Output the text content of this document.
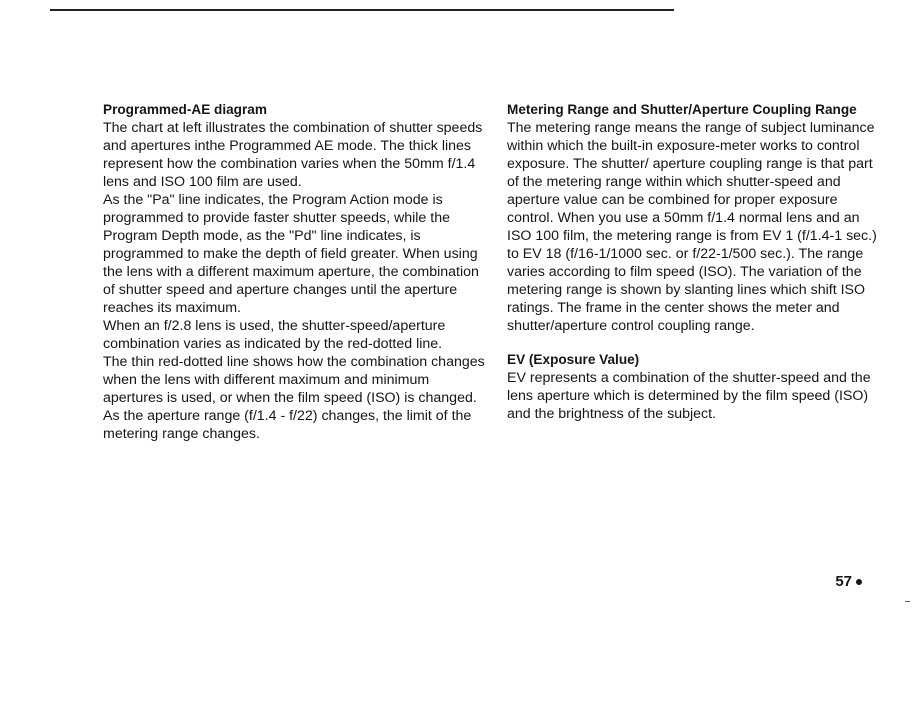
Programmed-AE diagram

The chart at left illustrates the combination of shutter speeds and apertures inthe Programmed AE mode. The thick lines represent how the combination varies when the 50mm f/1.4 lens and ISO 100 film are used.

As the "Pa" line indicates, the Program Action mode is programmed to provide faster shutter speeds, while the Program Depth mode, as the "Pd" line indicates, is programmed to make the depth of field greater. When using the lens with a different maximum aperture, the combination of shutter speed and aperture changes until the aperture reaches its maximum.

When an f/2.8 lens is used, the shutter-speed/aperture combination varies as indicated by the red-dotted line.

The thin red-dotted line shows how the combination changes when the lens with different maximum and minimum apertures is used, or when the film speed (ISO) is changed. As the aperture range (f/1.4 - f/22) changes, the limit of the metering range changes.

Metering Range and Shutter/Aperture Coupling Range

The metering range means the range of subject luminance within which the built-in exposure-meter works to control exposure. The shutter/ aperture coupling range is that part of the metering range within which shutter-speed and aperture value can be combined for proper exposure control. When you use a 50mm f/1.4 normal lens and an ISO 100 film, the metering range is from EV 1 (f/1.4-1 sec.) to EV 18 (f/16-1/1000 sec. or f/22-1/500 sec.). The range varies according to film speed (ISO). The variation of the metering range is shown by slanting lines which shift ISO ratings. The frame in the center shows the meter and shutter/aperture control coupling range.

EV (Exposure Value)

EV represents a combination of the shutter-speed and the lens aperture which is determined by the film speed (ISO) and the brightness of the subject.

57
